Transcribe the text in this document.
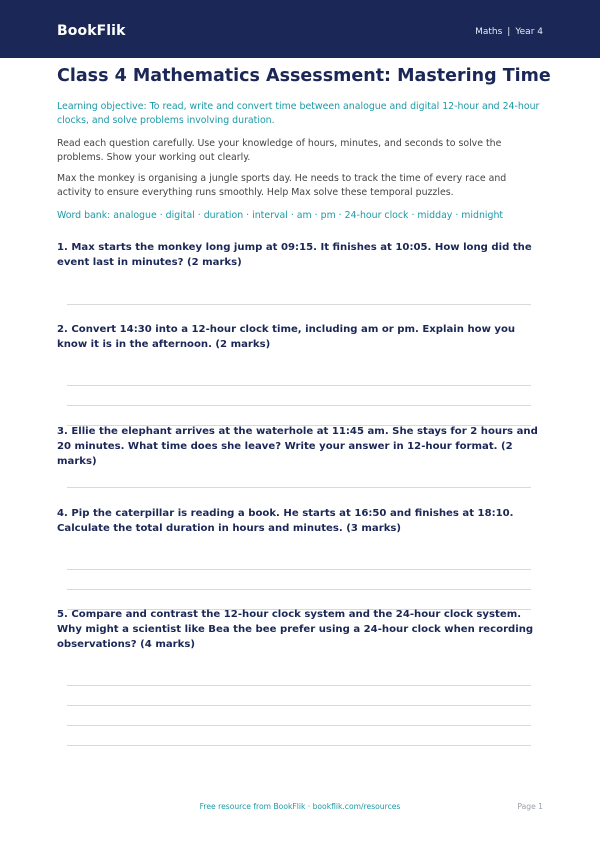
BookFlik	Maths | Year 4
Class 4 Mathematics Assessment: Mastering Time

Learning objective: To read, write and convert time between analogue and digital 12-hour and 24-hour clocks, and solve problems involving duration.

Read each question carefully. Use your knowledge of hours, minutes, and seconds to solve the problems. Show your working out clearly.

Max the monkey is organising a jungle sports day. He needs to track the time of every race and activity to ensure everything runs smoothly. Help Max solve these temporal puzzles.

Word bank: analogue · digital · duration · interval · am · pm · 24-hour clock · midday · midnight

1. Max starts the monkey long jump at 09:15. It finishes at 10:05. How long did the event last in minutes? (2 marks)

2. Convert 14:30 into a 12-hour clock time, including am or pm. Explain how you know it is in the afternoon. (2 marks)

3. Ellie the elephant arrives at the waterhole at 11:45 am. She stays for 2 hours and 20 minutes. What time does she leave? Write your answer in 12-hour format. (2 marks)

4. Pip the caterpillar is reading a book. He starts at 16:50 and finishes at 18:10. Calculate the total duration in hours and minutes. (3 marks)

5. Compare and contrast the 12-hour clock system and the 24-hour clock system. Why might a scientist like Bea the bee prefer using a 24-hour clock when recording observations? (4 marks)

Free resource from BookFlik · bookflik.com/resources	Page 1
